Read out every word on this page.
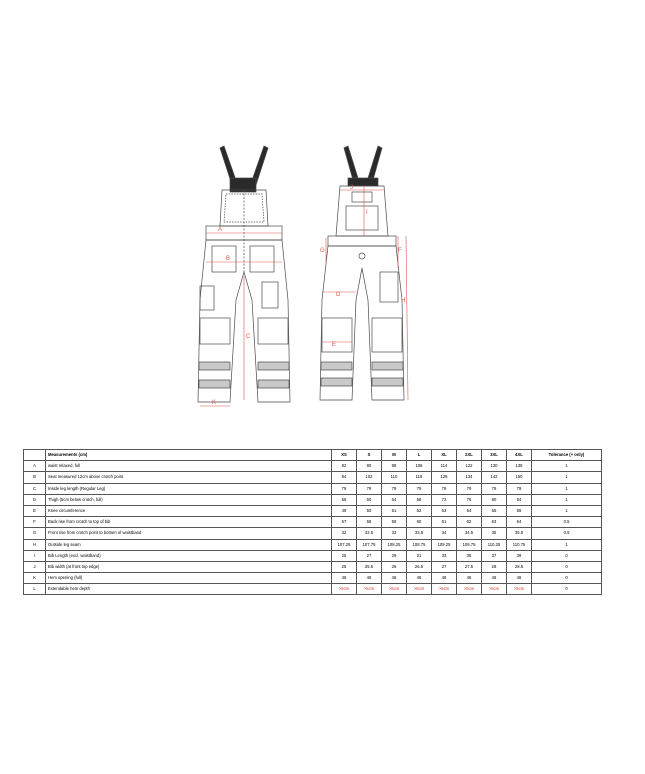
A
B
C
K
D
E
F
G
H
I
J
	Measurements (cm)	XS	S	M	L	XL	2XL	3XL	4XL	Tolerance (+ only)
A	waist relaxed, full	82	90	98	106	114	122	130	138	1
B	Seat measured 12cm above crotch point	94	102	110	118	126	134	142	150	1
C	Inside leg length (Regular Leg)	79	79	79	79	79	79	79	79	1
D	Thigh (5cm below crotch, full)	56	60	64	68	72	76	80	84	1
E	Knee circumference	49	50	51	52	53	54	55	56	1
F	Back rise from crotch to top of bib	57	58	59	60	61	62	63	64	0.5
G	Front rise from crotch point to bottom of waistband	32	32.5	33	33.5	34	34.5	35	35.5	0.5
H	Outside leg seam	107.25	107.75	108.25	108.75	109.25	109.75	110.25	110.75	1
I	Bib Length (excl. waistband)	25	27	29	31	33	35	37	39	0
J	Bib width (at front top edge)	25	25.5	26	26.5	27	27.5	28	28.5	0
K	Hem opening (full)	46	46	46	46	46	46	46	46	0
L	Extendable hem depth	>5cm	>5cm	>5cm	>5cm	>5cm	>5cm	>5cm	>5cm	0
